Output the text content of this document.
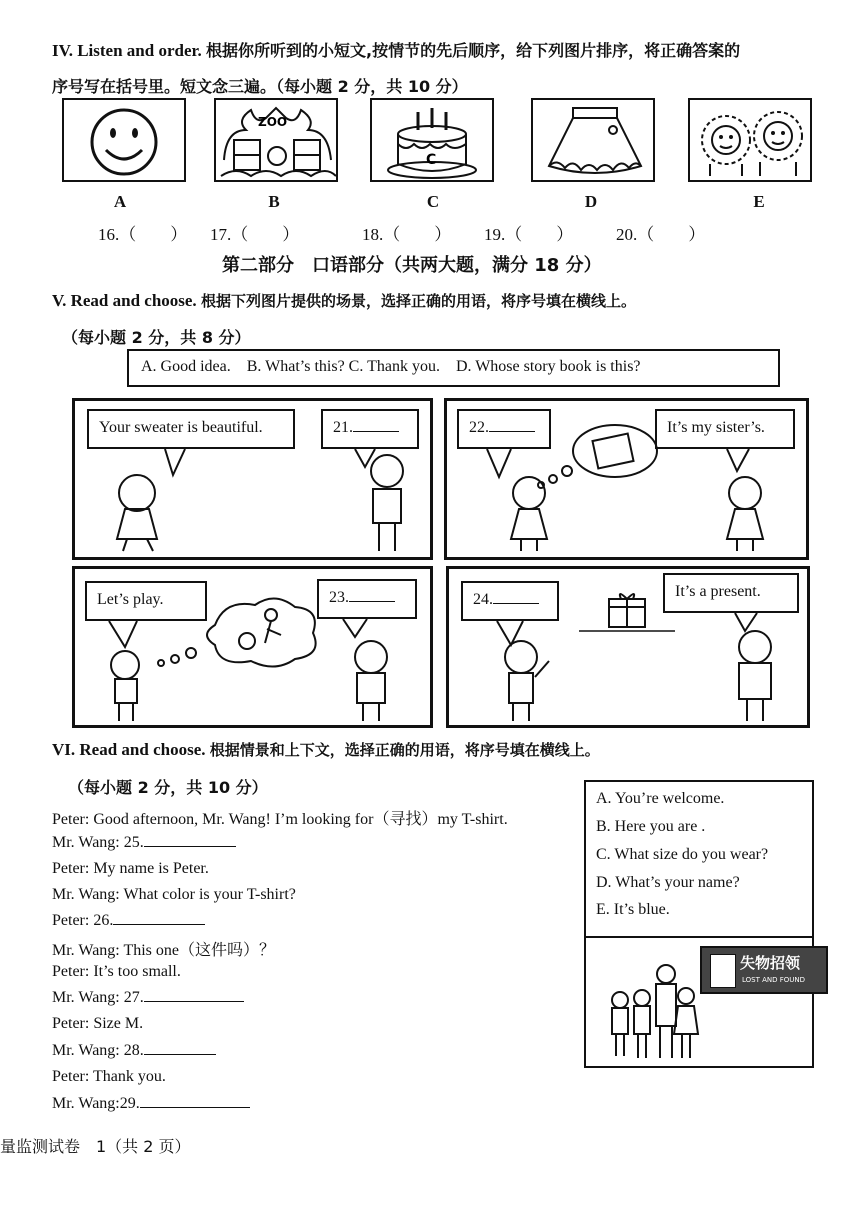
IV. Listen and order. 根据你所听到的小短文,按情节的先后顺序，给下列图片排序，将正确答案的
序号写在括号里。短文念三遍。（每小题 2 分，共 10 分）
ZOO
C
A	B	C	D	E
16.（　　） 17.（　　）	18.（　　） 19.（　　）	20.（　　）
第二部分　口语部分（共两大题，满分 18 分）
V. Read and choose. 根据下列图片提供的场景，选择正确的用语，将序号填在横线上。
（每小题 2 分，共 8 分）
A. Good idea.    B. What’s this? C. Thank you.    D. Whose story book is this?
Your sweater is beautiful.	21.	22.	It’s my sister’s.
Let’s play.	23.	24.	It’s a present.
VI. Read and choose. 根据情景和上下文，选择正确的用语，将序号填在横线上。
（每小题 2 分，共 10 分）
Peter: Good afternoon, Mr. Wang! I’m looking for（寻找）my T-shirt.
Mr. Wang: 25.
Peter: My name is Peter.
Mr. Wang: What color is your T-shirt?
Peter: 26.
Mr. Wang: This one（这件吗）？
Peter: It’s too small.
Mr. Wang: 27.
Peter: Size M.
Mr. Wang: 28.
Peter: Thank you.
Mr. Wang:29.
A. You’re welcome.
B. Here you are .
C. What size do you wear?
D. What’s your name?
E. It’s blue.
失物招领
LOST AND FOUND
量监测试卷　1（共 2 页）
